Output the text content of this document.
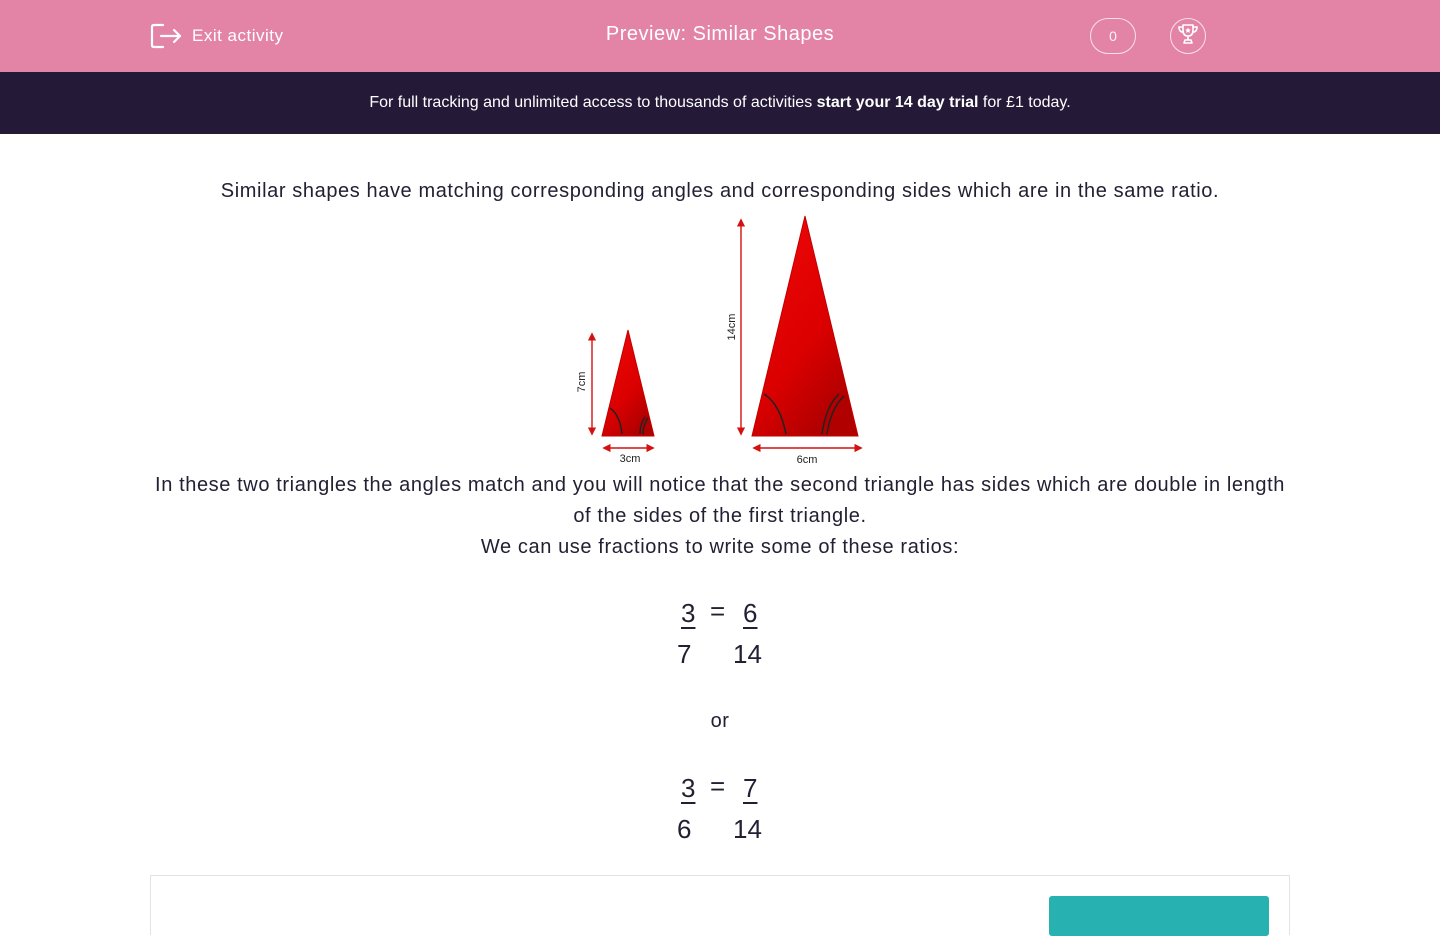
Exit activity	Preview: Similar Shapes	0
For full tracking and unlimited access to thousands of activities start your 14 day trial for £1 today.
Similar shapes have matching corresponding angles and corresponding sides which are in the same ratio.
7cm
3cm
14cm
6cm

In these two triangles the angles match and you will notice that the second triangle has sides which are double in length of the sides of the first triangle.

We can use fractions to write some of these ratios:

3 = 6
7 14
or
3 = 7
6 14
